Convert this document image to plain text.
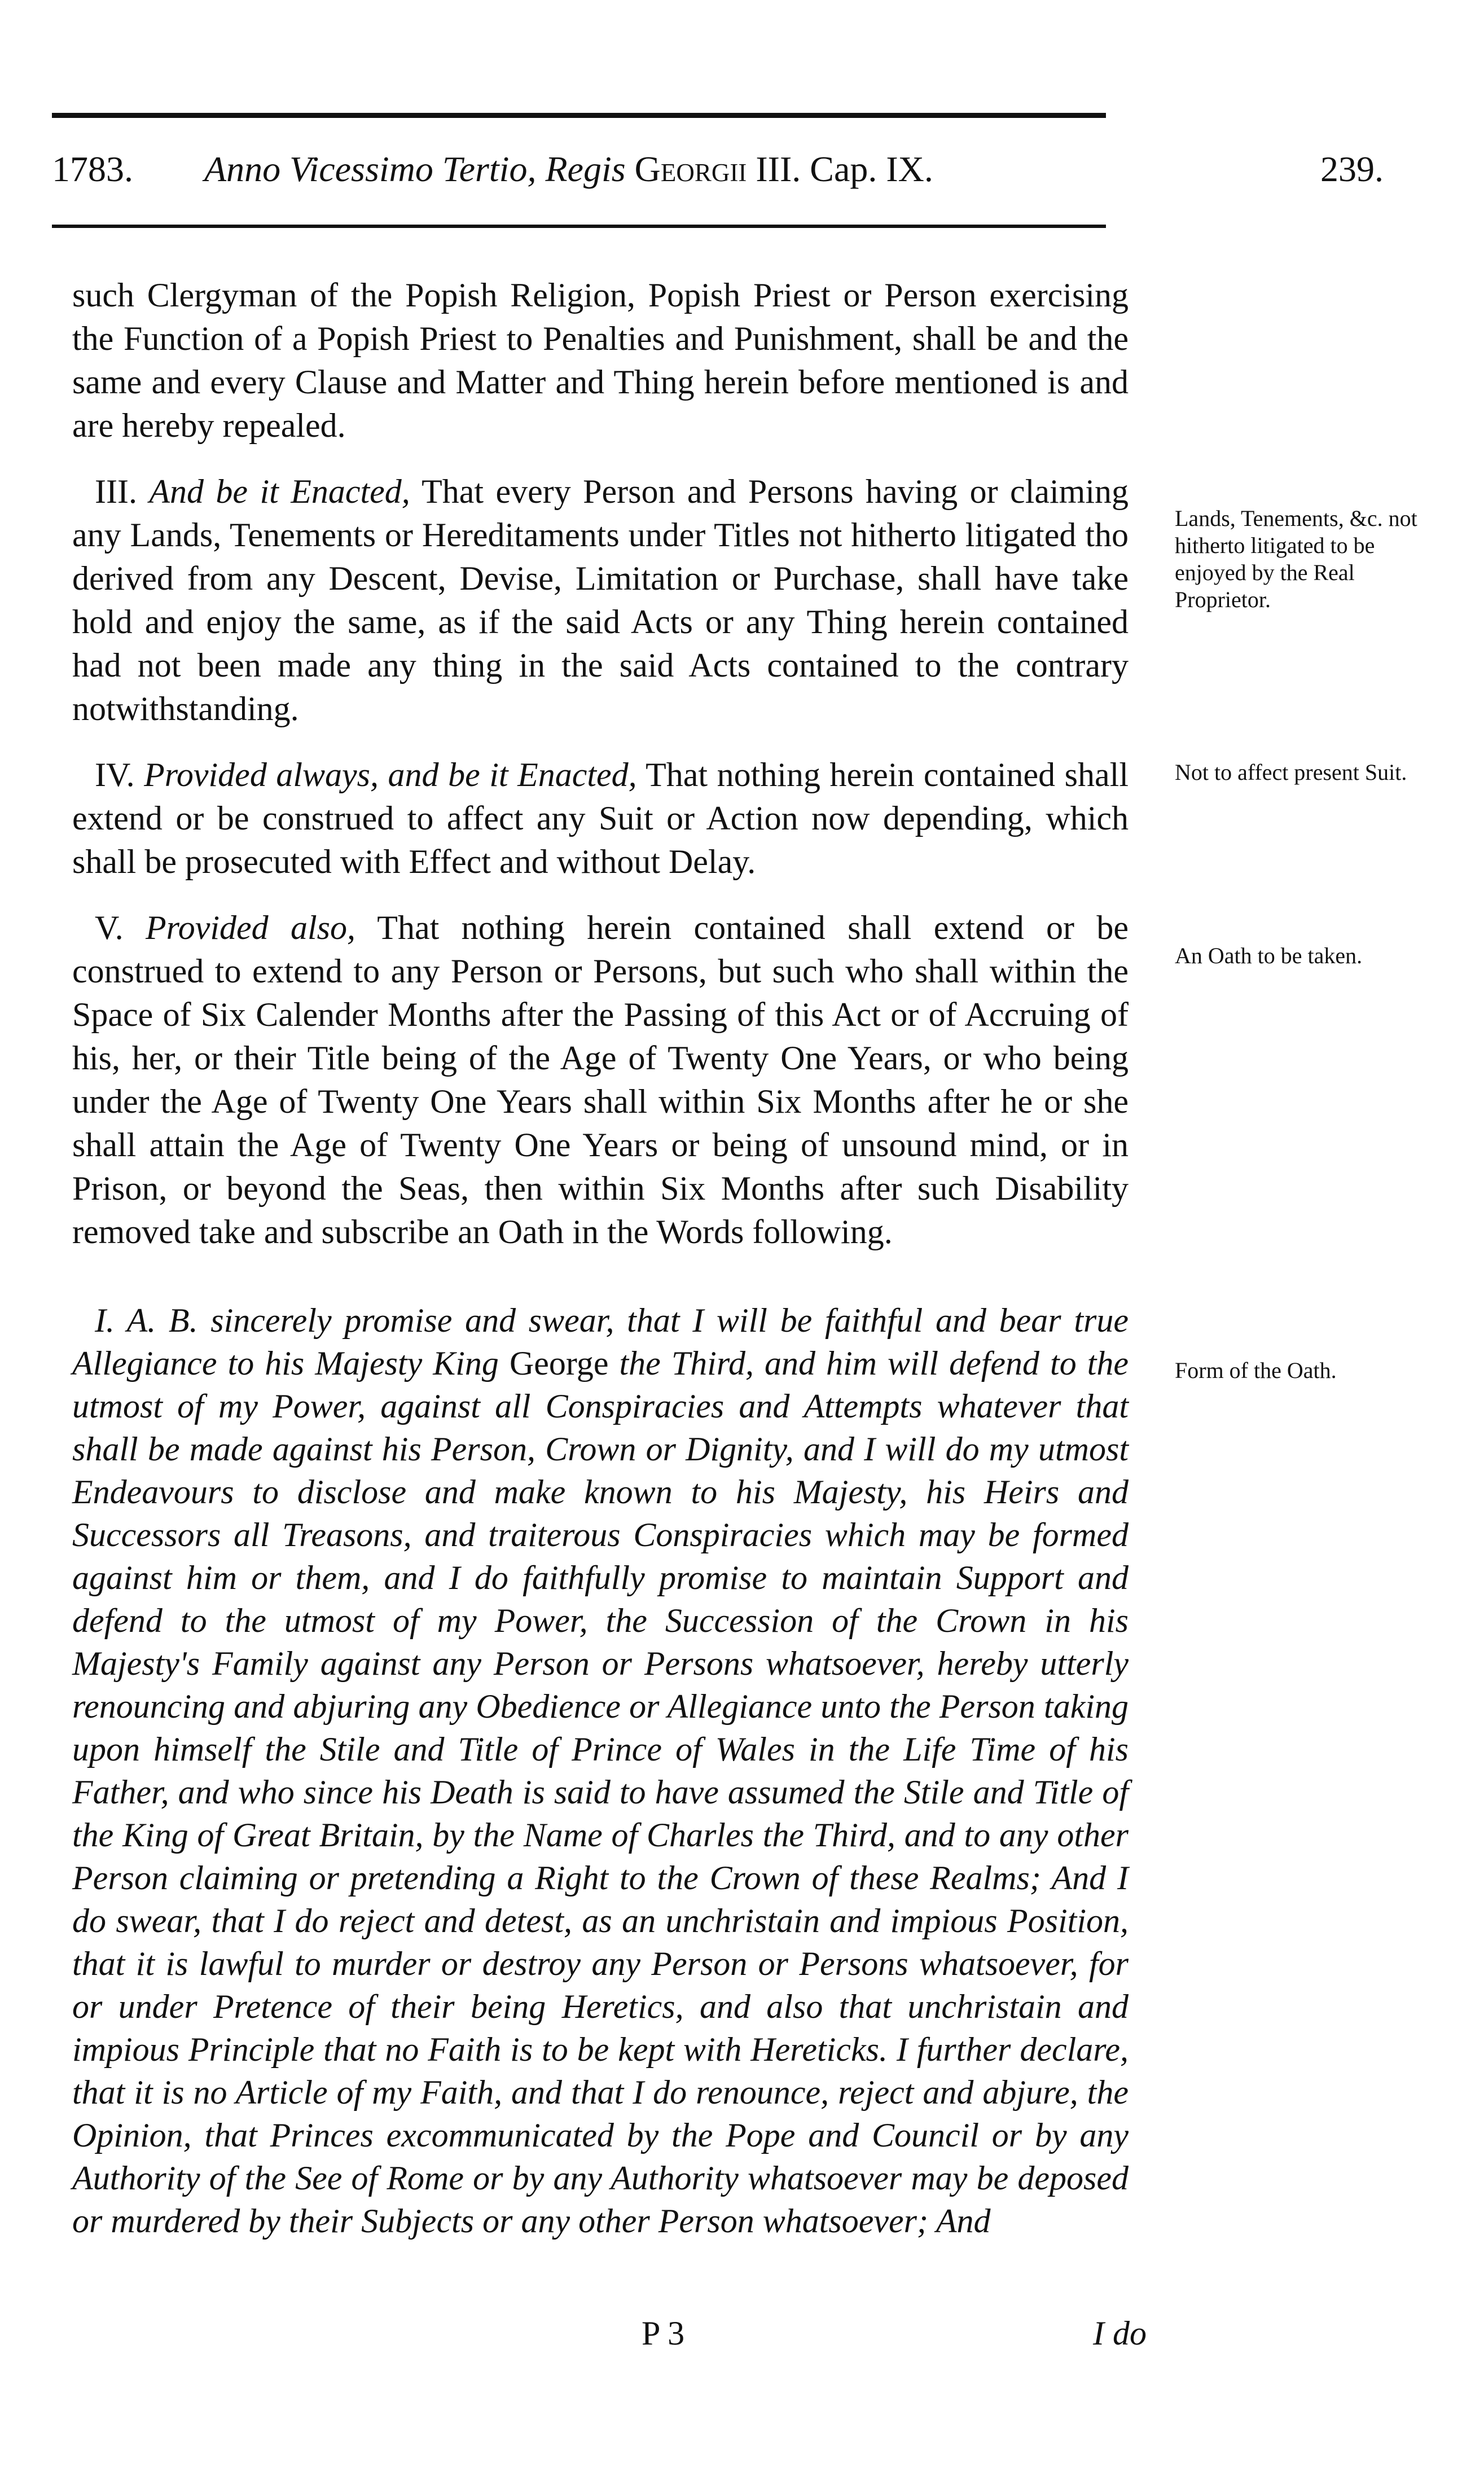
1783. Anno Vicessimo Tertio, Regis Georgii III. Cap. IX.	239.

such Clergyman of the Popish Religion, Popish Priest or Person exercising the Function of a Popish Priest to Penalties and Punishment, shall be and the same and every Clause and Matter and Thing herein before mentioned is and are hereby repealed.

III. And be it Enacted, That every Person and Persons having or claiming any Lands, Tenements or Hereditaments under Titles not hitherto litigated tho derived from any Descent, Devise, Limitation or Purchase, shall have take hold and enjoy the same, as if the said Acts or any Thing herein contained had not been made any thing in the said Acts contained to the contrary notwithstanding.

IV. Provided always, and be it Enacted, That nothing herein contained shall extend or be construed to affect any Suit or Action now depending, which shall be prosecuted with Effect and without Delay.

V. Provided also, That nothing herein contained shall extend or be construed to extend to any Person or Persons, but such who shall within the Space of Six Calender Months after the Passing of this Act or of Accruing of his, her, or their Title being of the Age of Twenty One Years, or who being under the Age of Twenty One Years shall within Six Months after he or she shall attain the Age of Twenty One Years or being of unsound mind, or in Prison, or beyond the Seas, then within Six Months after such Disability removed take and subscribe an Oath in the Words following.

I. A. B. sincerely promise and swear, that I will be faithful and bear true Allegiance to his Majesty King George the Third, and him will defend to the utmost of my Power, against all Conspiracies and Attempts whatever that shall be made against his Person, Crown or Dignity, and I will do my utmost Endeavours to disclose and make known to his Majesty, his Heirs and Successors all Treasons, and traiterous Conspiracies which may be formed against him or them, and I do faithfully promise to maintain Support and defend to the utmost of my Power, the Succession of the Crown in his Majesty's Family against any Person or Persons whatsoever, hereby utterly renouncing and abjuring any Obedience or Allegiance unto the Person taking upon himself the Stile and Title of Prince of Wales in the Life Time of his Father, and who since his Death is said to have assumed the Stile and Title of the King of Great Britain, by the Name of Charles the Third, and to any other Person claiming or pretending a Right to the Crown of these Realms; And I do swear, that I do reject and detest, as an unchristain and impious Position, that it is lawful to murder or destroy any Person or Persons whatsoever, for or under Pretence of their being Heretics, and also that unchristain and impious Principle that no Faith is to be kept with Hereticks. I further declare, that it is no Article of my Faith, and that I do renounce, reject and abjure, the Opinion, that Princes excommunicated by the Pope and Council or by any Authority of the See of Rome or by any Authority whatsoever may be deposed or murdered by their Subjects or any other Person whatsoever; And

Lands, Tenements, &c. not hitherto litigated to be enjoyed by the Real Proprietor.
Not to affect present Suit.
An Oath to be taken.
Form of the Oath.
P 3	I do
